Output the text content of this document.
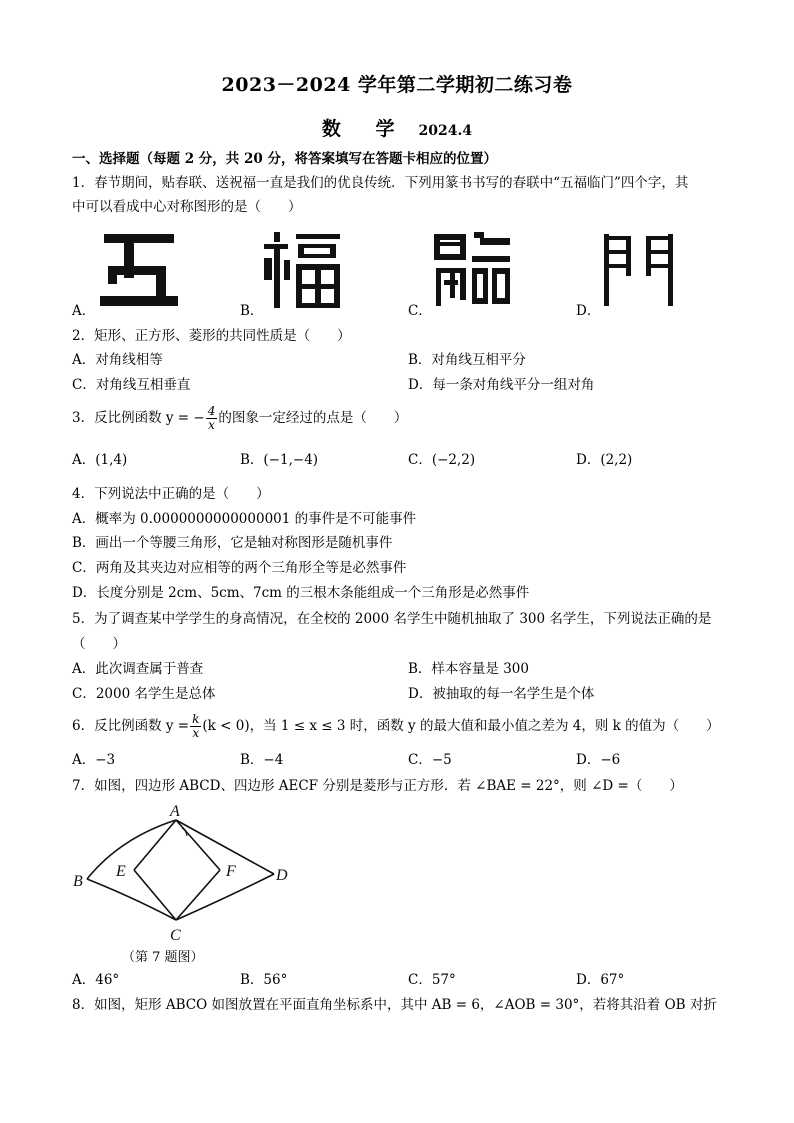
2023－2024 学年第二学期初二练习卷
数 学 2024.4
一、选择题（每题 2 分，共 20 分，将答案填写在答题卡相应的位置）
1．春节期间，贴春联、送祝福一直是我们的优良传统．下列用篆书书写的春联中“五福临门”四个字，其
中可以看成中心对称图形的是（　　）
A．	B．	C．	D．
2．矩形、正方形、菱形的共同性质是（　　）
A．对角线相等	B．对角线互相平分
C．对角线互相垂直	D．每一条对角线平分一组对角
3．反比例函数 y = − $\frac{4}{x}$ 的图象一定经过的点是（　　）
A．(1,4)	B．(−1,−4)	C．(−2,2)	D．(2,2)
4．下列说法中正确的是（　　）
A．概率为 0.0000000000000001 的事件是不可能事件
B．画出一个等腰三角形，它是轴对称图形是随机事件
C．两角及其夹边对应相等的两个三角形全等是必然事件
D．长度分别是 2cm、5cm、7cm 的三根木条能组成一个三角形是必然事件
5．为了调查某中学学生的身高情况，在全校的 2000 名学生中随机抽取了 300 名学生，下列说法正确的是
（　　）
A．此次调查属于普查	B．样本容量是 300
C．2000 名学生是总体	D．被抽取的每一名学生是个体
6．反比例函数 $y = \frac{k}{x} (k < 0)$，当 1 ≤ x ≤ 3 时，函数 y 的最大值和最小值之差为 4，则 k 的值为（　　）
A．−3	B．−4	C．−5	D．−6
7．如图，四边形 ABCD、四边形 AECF 分别是菱形与正方形．若 ∠BAE = 22°，则 ∠D =（　　）
A
B
C
D
E	F
（第 7 题图）
A．46°	B．56°	C．57°	D．67°
8．如图，矩形 ABCO 如图放置在平面直角坐标系中，其中 AB = 6，∠AOB = 30°，若将其沿着 OB 对折
